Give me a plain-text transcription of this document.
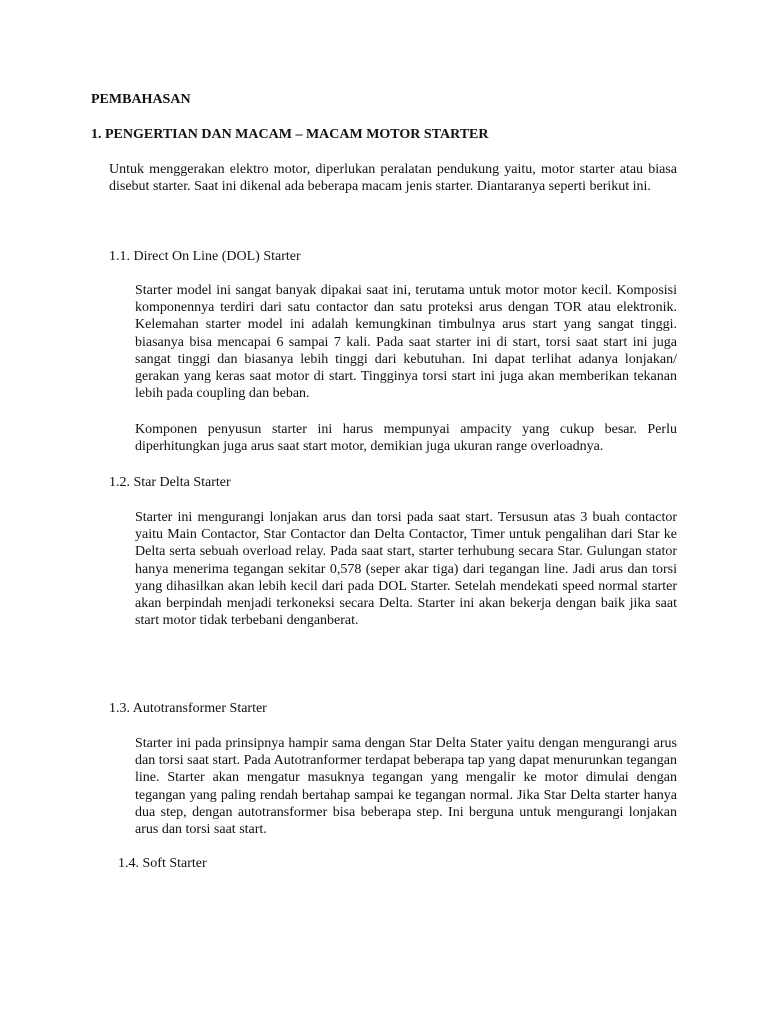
PEMBAHASAN
1. PENGERTIAN DAN MACAM – MACAM MOTOR STARTER

Untuk menggerakan elektro motor, diperlukan peralatan pendukung yaitu, motor starter atau biasa disebut starter. Saat ini dikenal ada beberapa macam jenis starter. Diantaranya seperti berikut ini.

1.1. Direct On Line (DOL) Starter

Starter model ini sangat banyak dipakai saat ini, terutama untuk motor motor kecil. Komposisi komponennya terdiri dari satu contactor dan satu proteksi arus dengan TOR atau elektronik. Kelemahan starter model ini adalah kemungkinan timbulnya arus start yang sangat tinggi. biasanya bisa mencapai 6 sampai 7 kali. Pada saat starter ini di start, torsi saat start ini juga sangat tinggi dan biasanya lebih tinggi dari kebutuhan. Ini dapat terlihat adanya lonjakan/ gerakan yang keras saat motor di start. Tingginya torsi start ini juga akan memberikan tekanan lebih pada coupling dan beban.

Komponen penyusun starter ini harus mempunyai ampacity yang cukup besar. Perlu diperhitungkan juga arus saat start motor, demikian juga ukuran range overloadnya.

1.2. Star Delta Starter

Starter ini mengurangi lonjakan arus dan torsi pada saat start. Tersusun atas 3 buah contactor yaitu Main Contactor, Star Contactor dan Delta Contactor, Timer untuk pengalihan dari Star ke Delta serta sebuah overload relay. Pada saat start, starter terhubung secara Star. Gulungan stator hanya menerima tegangan sekitar 0,578 (seper akar tiga) dari tegangan line. Jadi arus dan torsi yang dihasilkan akan lebih kecil dari pada DOL Starter. Setelah mendekati speed normal starter akan berpindah menjadi terkoneksi secara Delta. Starter ini akan bekerja dengan baik jika saat start motor tidak terbebani denganberat.

1.3. Autotransformer Starter

Starter ini pada prinsipnya hampir sama dengan Star Delta Stater yaitu dengan mengurangi arus dan torsi saat start. Pada Autotranformer terdapat beberapa tap yang dapat menurunkan tegangan line. Starter akan mengatur masuknya tegangan yang mengalir ke motor dimulai dengan tegangan yang paling rendah bertahap sampai ke tegangan normal. Jika Star Delta starter hanya dua step, dengan autotransformer bisa beberapa step. Ini berguna untuk mengurangi lonjakan arus dan torsi saat start.

1.4. Soft Starter
